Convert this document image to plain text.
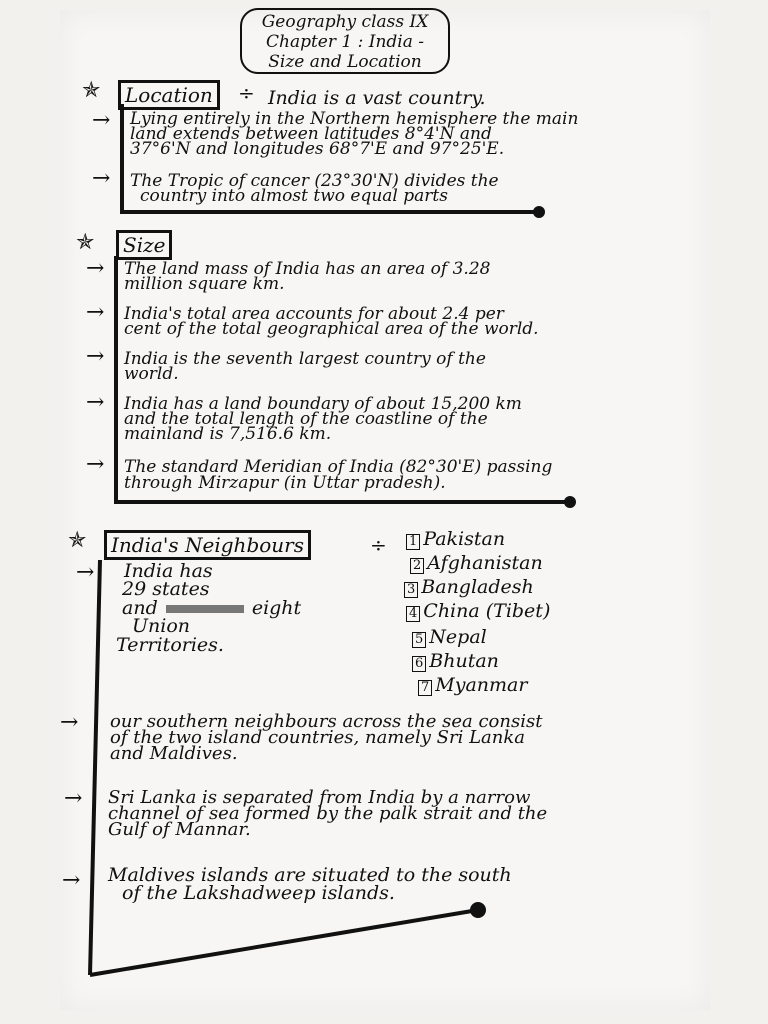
Geography class IX
Chapter 1 : India -
Size and Location
✯	Location	÷ India is a vast country.
→ Lying entirely in the Northern hemisphere the main
land extends between latitudes 8°4'N and
37°6'N and longitudes 68°7'E and 97°25'E.
→ The Tropic of cancer (23°30'N) divides the
country into almost two equal parts
✯	Size
→ The land mass of India has an area of 3.28
million square km.
→ India's total area accounts for about 2.4 per
cent of the total geographical area of the world.
→ India is the seventh largest country of the
world.
→ India has a land boundary of about 15,200 km
and the total length of the coastline of the
mainland is 7,516.6 km.
→ The standard Meridian of India (82°30'E) passing
through Mirzapur (in Uttar pradesh).
✯	India's Neighbours	÷
→ India has
29 states
and	eight
Union
Territories.
1 Pakistan
2 Afghanistan
3 Bangladesh
4 China (Tibet)
5 Nepal
6 Bhutan
7 Myanmar
→ our southern neighbours across the sea consist
of the two island countries, namely Sri Lanka
and Maldives.
→ Sri Lanka is separated from India by a narrow
channel of sea formed by the palk strait and the
Gulf of Mannar.
→ Maldives islands are situated to the south
of the Lakshadweep islands.
